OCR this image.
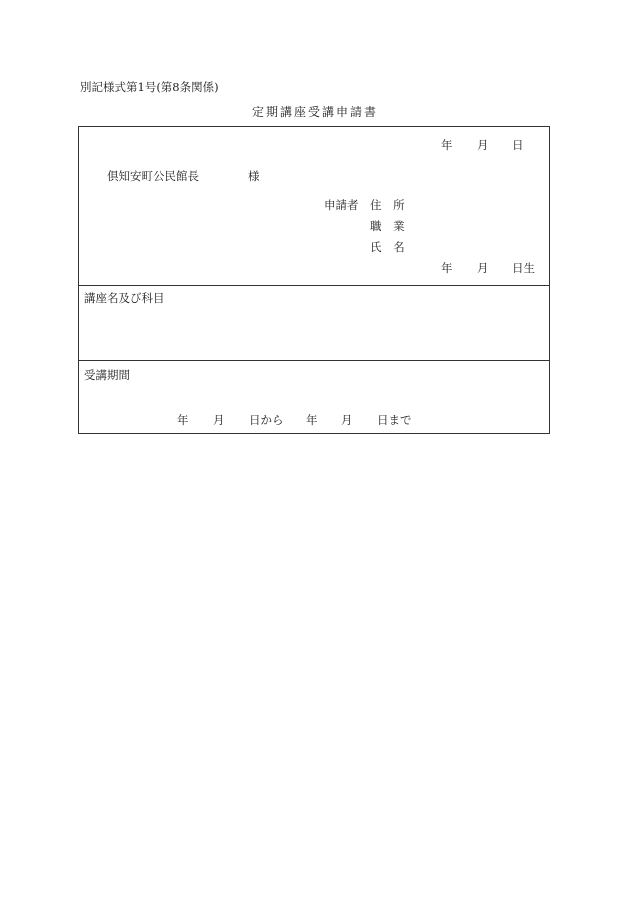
別記様式第1号(第8条関係)
定期講座受講申請書
年 月 日
倶知安町公民館長	様
申請者 住 所
職 業
氏 名
年 月 日生
講座名及び科目
受講期間
年 月 日から 年 月 日まで
